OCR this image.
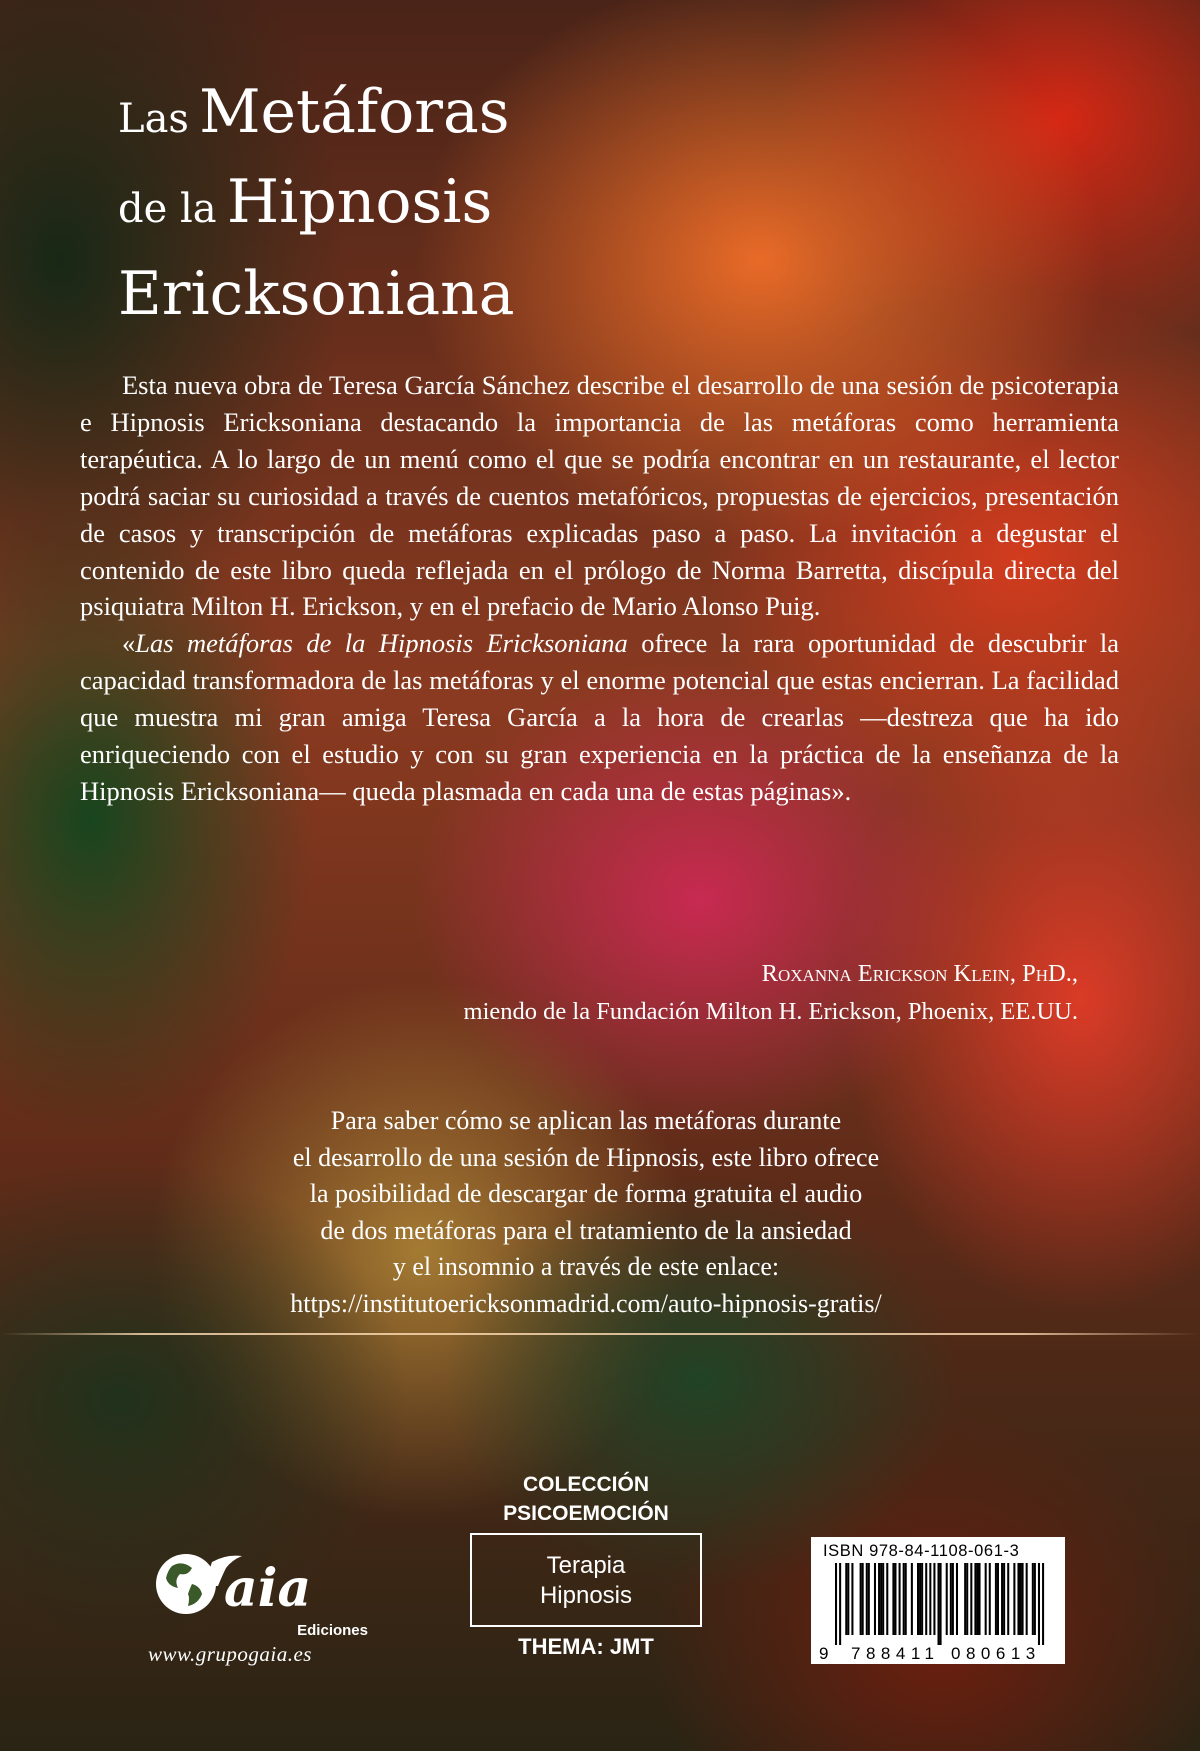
Las Metáforas
de la Hipnosis
Ericksoniana

Esta nueva obra de Teresa García Sánchez describe el desarrollo de una sesión de psicoterapia e Hipnosis Ericksoniana destacando la importancia de las metáforas como herramienta terapéutica. A lo largo de un menú como el que se podría encontrar en un restaurante, el lector podrá saciar su curiosidad a través de cuentos metafóricos, propuestas de ejercicios, presentación de casos y transcripción de metáforas explicadas paso a paso. La invitación a degustar el contenido de este libro queda reflejada en el prólogo de Norma Barretta, discípula directa del psiquiatra Milton H. Erickson, y en el prefacio de Mario Alonso Puig.

«Las metáforas de la Hipnosis Ericksoniana ofrece la rara oportunidad de descubrir la capacidad transformadora de las metáforas y el enorme potencial que estas encierran. La facilidad que muestra mi gran amiga Teresa García a la hora de crearlas —destreza que ha ido enriqueciendo con el estudio y con su gran experiencia en la práctica de la enseñanza de la Hipnosis Ericksoniana— queda plasmada en cada una de estas páginas».

Roxanna Erickson Klein, PhD.,
miendo de la Fundación Milton H. Erickson, Phoenix, EE.UU.
Para saber cómo se aplican las metáforas durante
el desarrollo de una sesión de Hipnosis, este libro ofrece
la posibilidad de descargar de forma gratuita el audio
de dos metáforas para el tratamiento de la ansiedad
y el insomnio a través de este enlace:
https://institutoericksonmadrid.com/auto-hipnosis-gratis/
COLECCIÓN
PSICOEMOCIÓN
Terapia
Hipnosis
THEMA: JMT
aia
Ediciones
www.grupogaia.es
ISBN 978-84-1108-061-3
9 788411 080613
